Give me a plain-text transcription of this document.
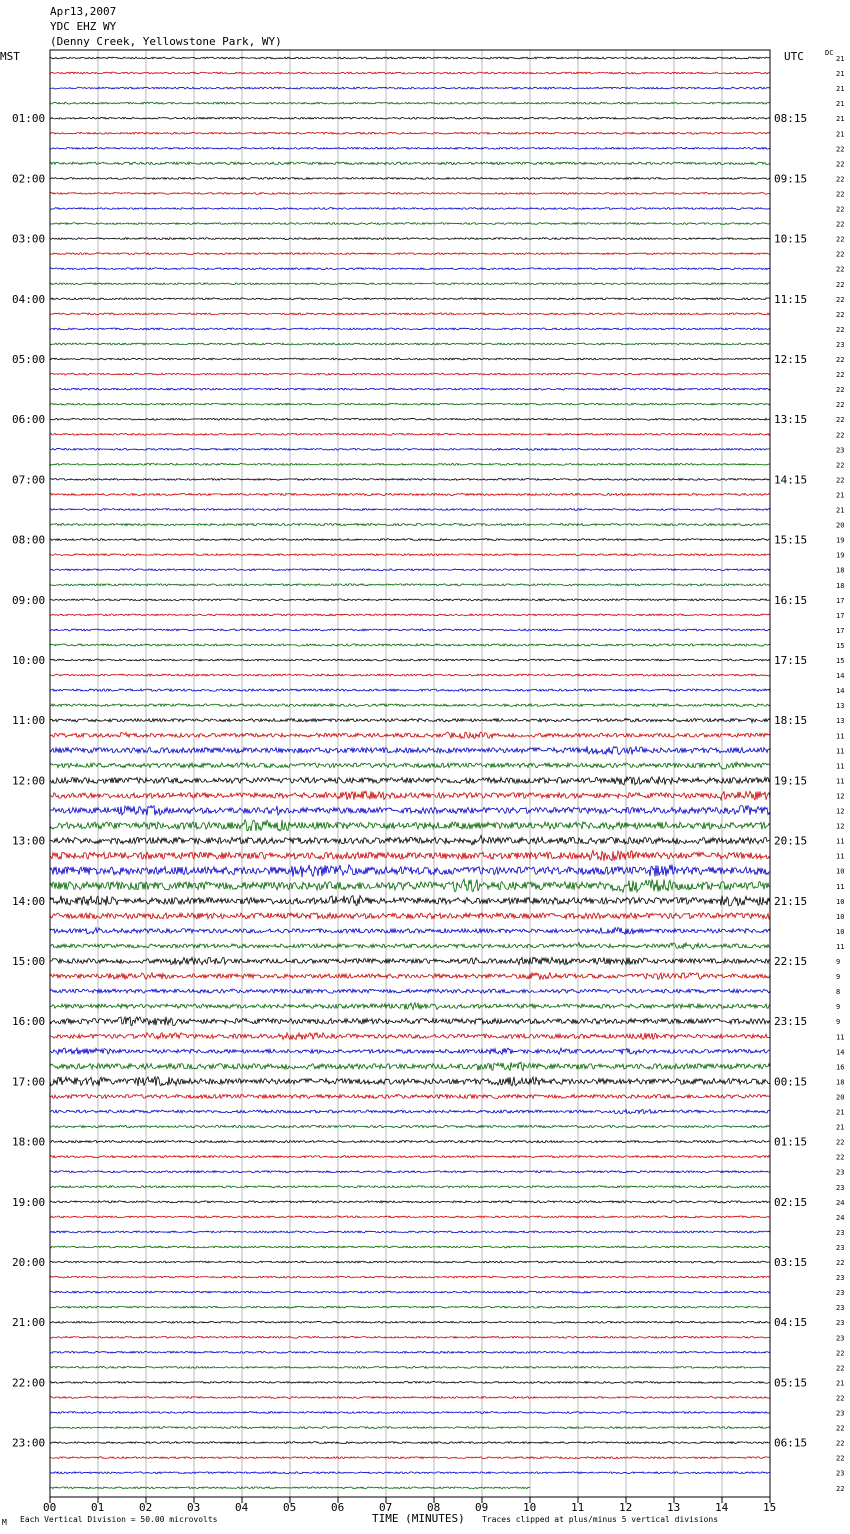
Apr13,2007
YDC EHZ WY
(Denny Creek, Yellowstone Park, WY)
00	01	02	03	04	05	06	07	08	09	10	11	12	13	14	15
21
21
21
21
21
21
22
22
22
22
22
22
22
22
22
22
22
22
22
23
22
22
22
22
22
22
23
22
22
21
21
20
19
19
18
18
17
17
17
15
15
14
14
13
13
11
11
11
11
12
12
12
11
11
10
11
10
10
10
11
9
9
8
9
9
11
14
16
18
20
21
21
22
22
23
23
24
24
23
23
22
23
23
23
23
23
22
22
21
22
23
22
22
22
23
22
01:00	08:15
02:00	09:15
03:00	10:15
04:00	11:15
05:00	12:15
06:00	13:15
07:00	14:15
08:00	15:15
09:00	16:15
10:00	17:15
11:00	18:15
12:00	19:15
13:00	20:15
14:00	21:15
15:00	22:15
16:00	23:15
17:00	00:15
18:00	01:15
19:00	02:15
20:00	03:15
21:00	04:15
22:00	05:15
23:00	06:15
MST	UTC	DC
TIME (MINUTES)
M Each Vertical Division = 50.00 microvolts	Traces clipped at plus/minus 5 vertical divisions
